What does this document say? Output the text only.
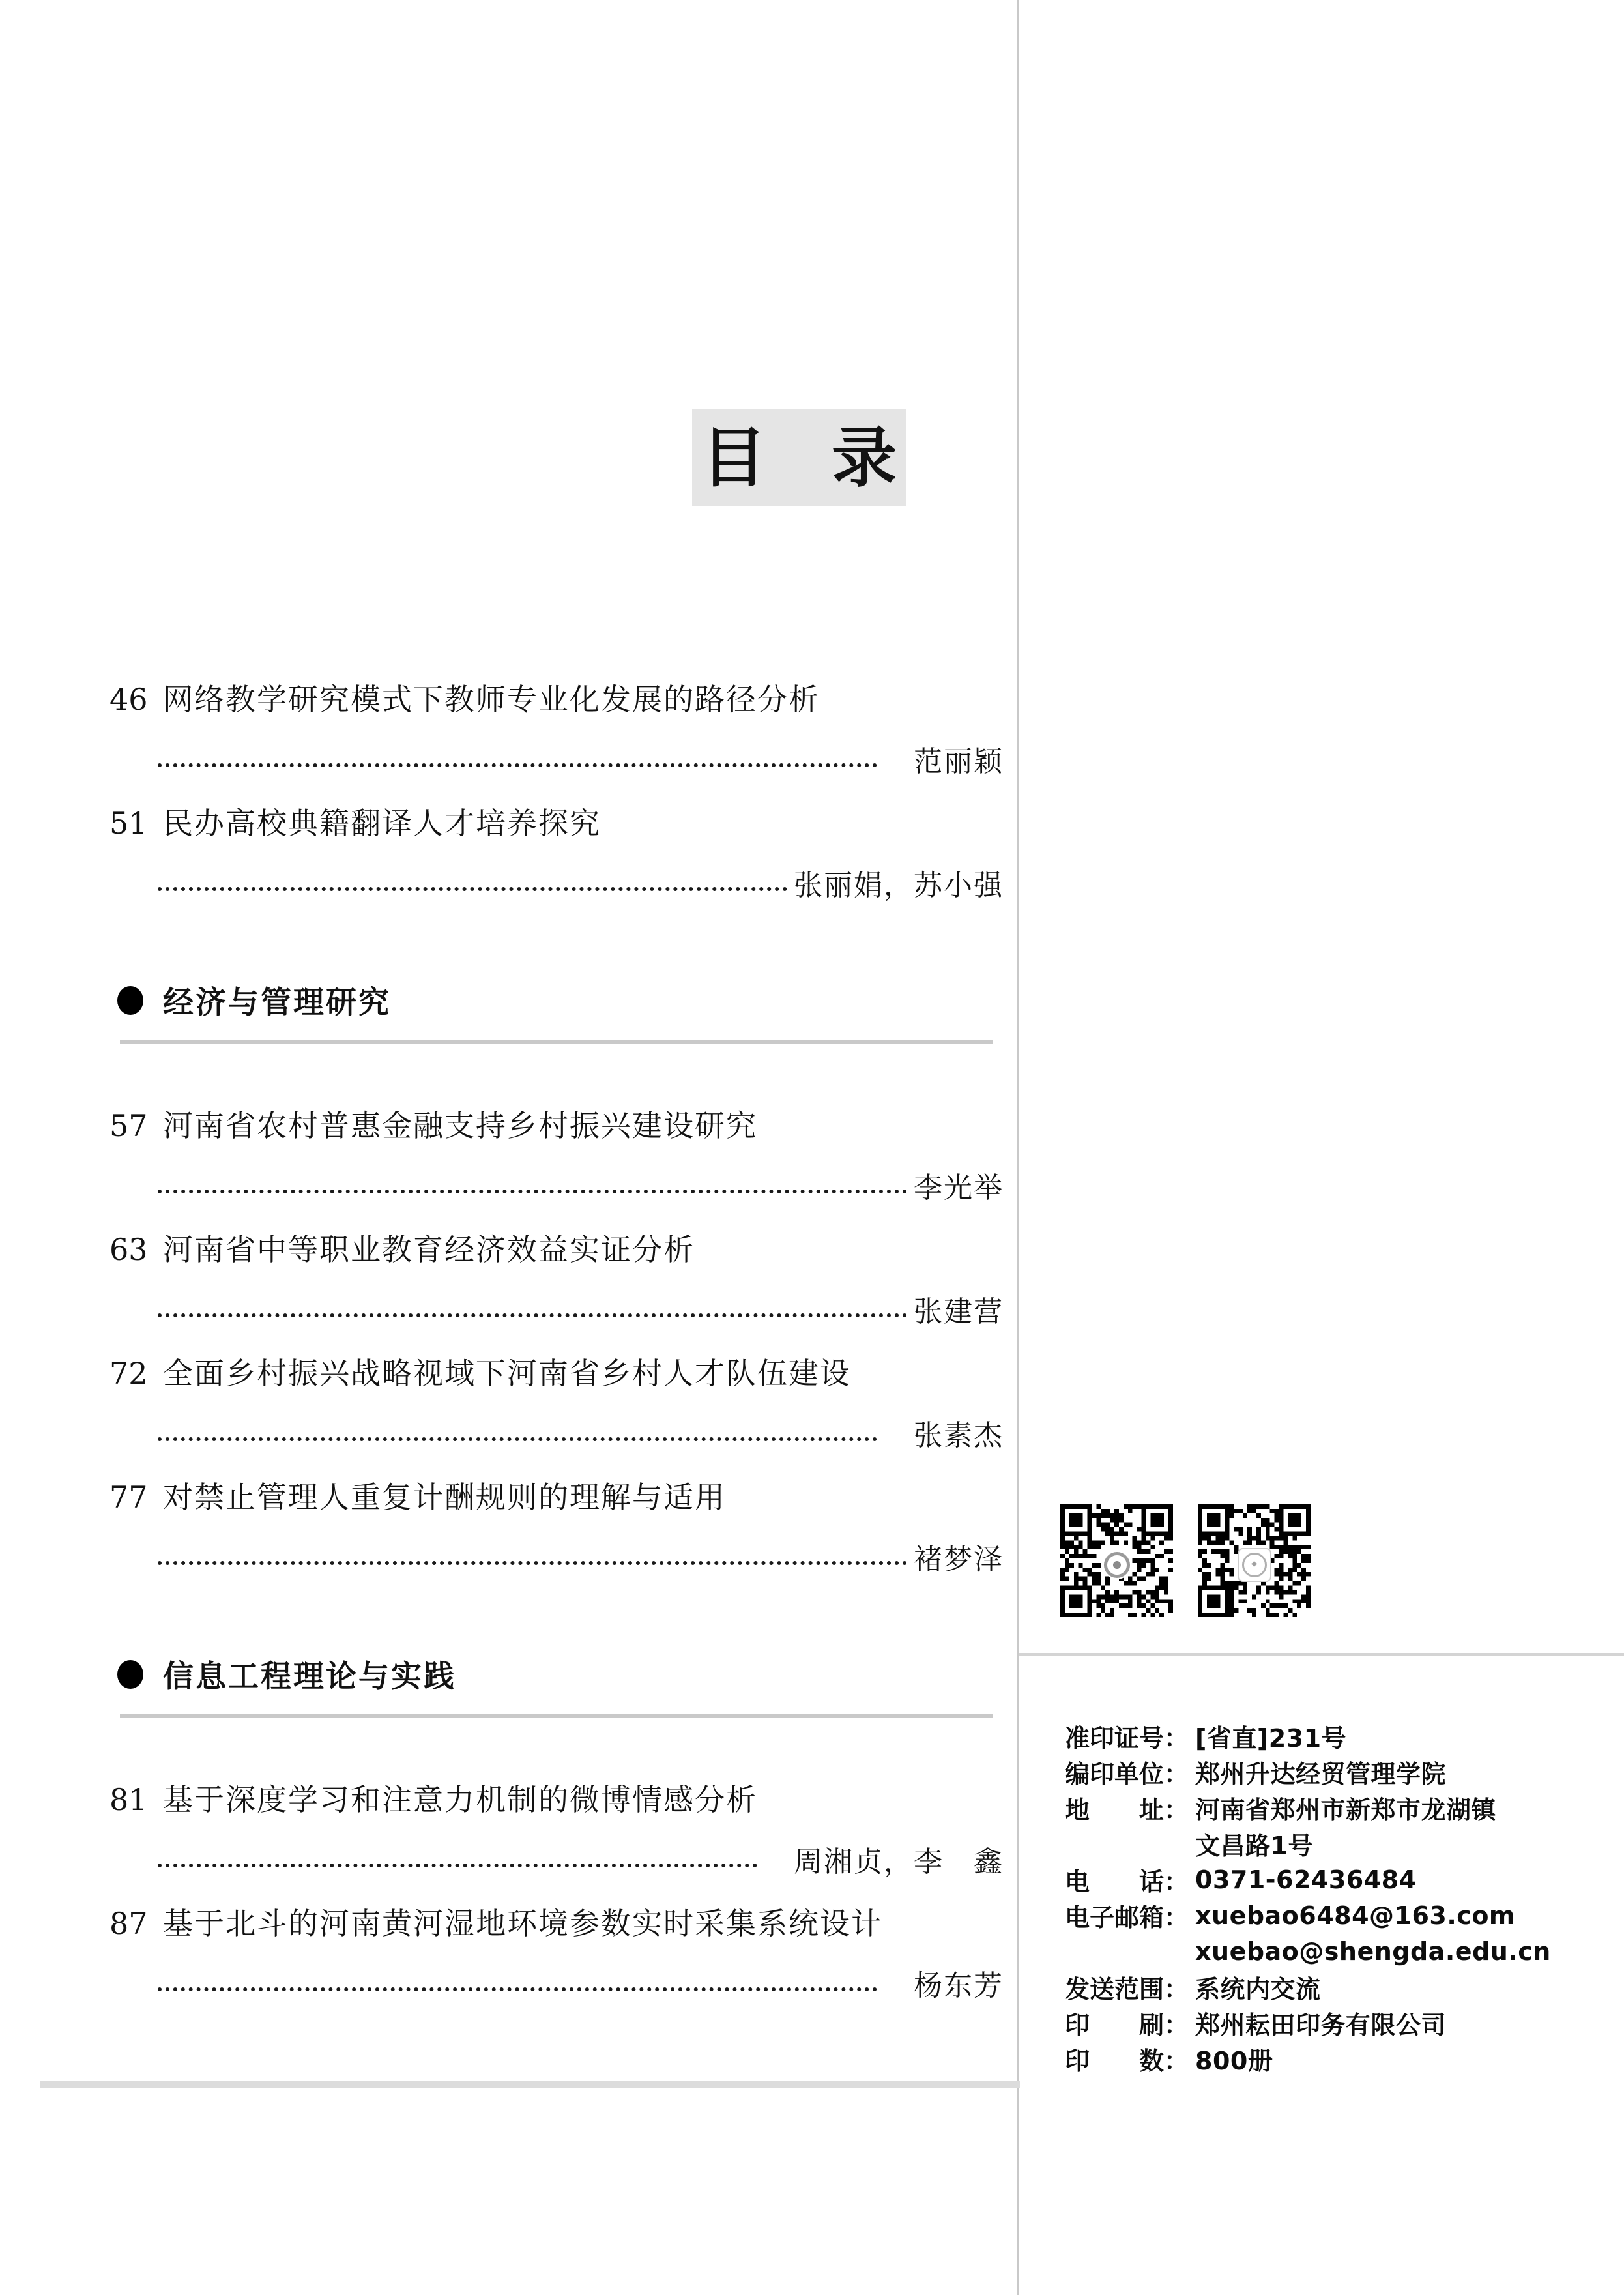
目　录
46 网络教学研究模式下教师专业化发展的路径分析
　范丽颖
51 民办高校典籍翻译人才培养探究
张丽娟，苏小强
经济与管理研究
57 河南省农村普惠金融支持乡村振兴建设研究
李光举
63 河南省中等职业教育经济效益实证分析
张建营
72 全面乡村振兴战略视域下河南省乡村人才队伍建设
　张素杰
77 对禁止管理人重复计酬规则的理解与适用
褚梦泽
信息工程理论与实践
81 基于深度学习和注意力机制的微博情感分析
　周湘贞，李　鑫
87 基于北斗的河南黄河湿地环境参数实时采集系统设计
　杨东芳
✦
准印证号： [省直]231号
编印单位： 郑州升达经贸管理学院
地　　址： 河南省郑州市新郑市龙湖镇
文昌路1号
电　　话： 0371-62436484
电子邮箱： xuebao6484@163.com
xuebao@shengda.edu.cn
发送范围： 系统内交流
印　　刷： 郑州耘田印务有限公司
印　　数： 800册
